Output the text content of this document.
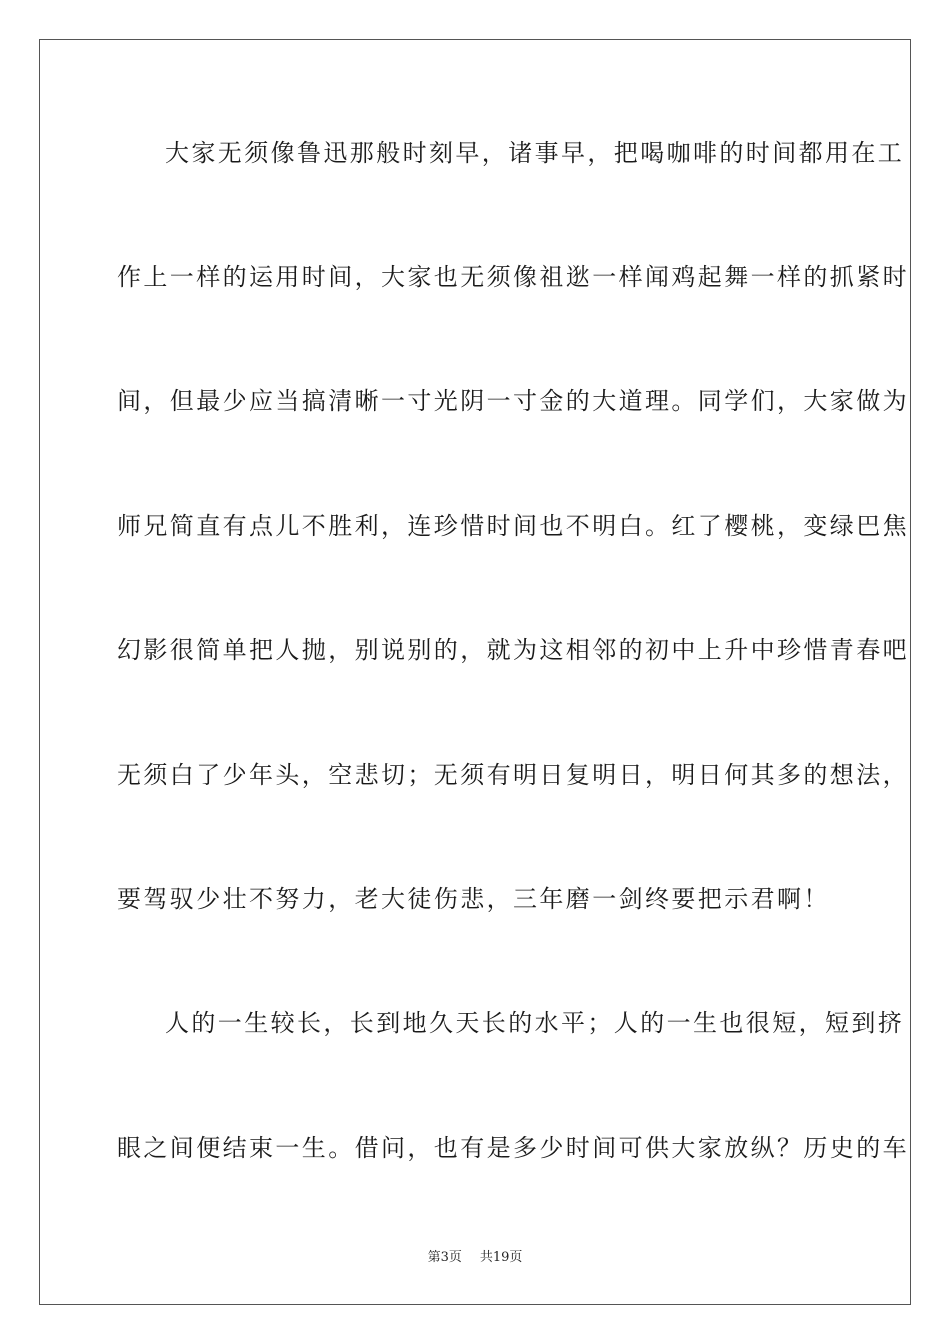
大家无须像鲁迅那般时刻早，诸事早，把喝咖啡的时间都用在工
作上一样的运用时间，大家也无须像祖逖一样闻鸡起舞一样的抓紧时
间，但最少应当搞清晰一寸光阴一寸金的大道理。同学们，大家做为
师兄简直有点儿不胜利，连珍惜时间也不明白。红了樱桃，变绿巴焦
幻影很简单把人抛，别说别的，就为这相邻的初中上升中珍惜青春吧
无须白了少年头，空悲切；无须有明日复明日，明日何其多的想法，
要驾驭少壮不努力，老大徒伤悲，三年磨一剑终要把示君啊！
人的一生较长，长到地久天长的水平；人的一生也很短，短到挤
眼之间便结束一生。借问，也有是多少时间可供大家放纵？历史的车
第3页 共19页
